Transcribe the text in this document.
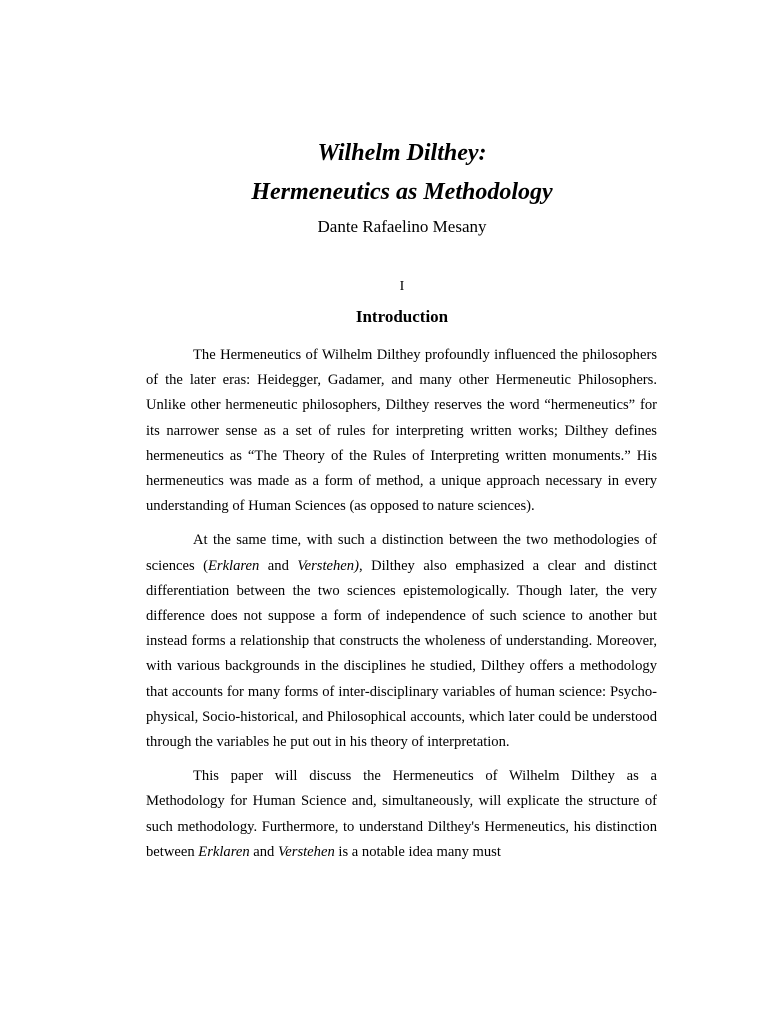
Wilhelm Dilthey:
Hermeneutics as Methodology
Dante Rafaelino Mesany
I
Introduction

The Hermeneutics of Wilhelm Dilthey profoundly influenced the philosophers of the later eras: Heidegger, Gadamer, and many other Hermeneutic Philosophers. Unlike other hermeneutic philosophers, Dilthey reserves the word “hermeneutics” for its narrower sense as a set of rules for interpreting written works; Dilthey defines hermeneutics as “The Theory of the Rules of Interpreting written monuments.” His hermeneutics was made as a form of method, a unique approach necessary in every understanding of Human Sciences (as opposed to nature sciences).

At the same time, with such a distinction between the two methodologies of sciences (Erklaren and Verstehen), Dilthey also emphasized a clear and distinct differentiation between the two sciences epistemologically. Though later, the very difference does not suppose a form of independence of such science to another but instead forms a relationship that constructs the wholeness of understanding. Moreover, with various backgrounds in the disciplines he studied, Dilthey offers a methodology that accounts for many forms of inter-disciplinary variables of human science: Psycho-physical, Socio-historical, and Philosophical accounts, which later could be understood through the variables he put out in his theory of interpretation.

This paper will discuss the Hermeneutics of Wilhelm Dilthey as a Methodology for Human Science and, simultaneously, will explicate the structure of such methodology. Furthermore, to understand Dilthey's Hermeneutics, his distinction between Erklaren and Verstehen is a notable idea many must
